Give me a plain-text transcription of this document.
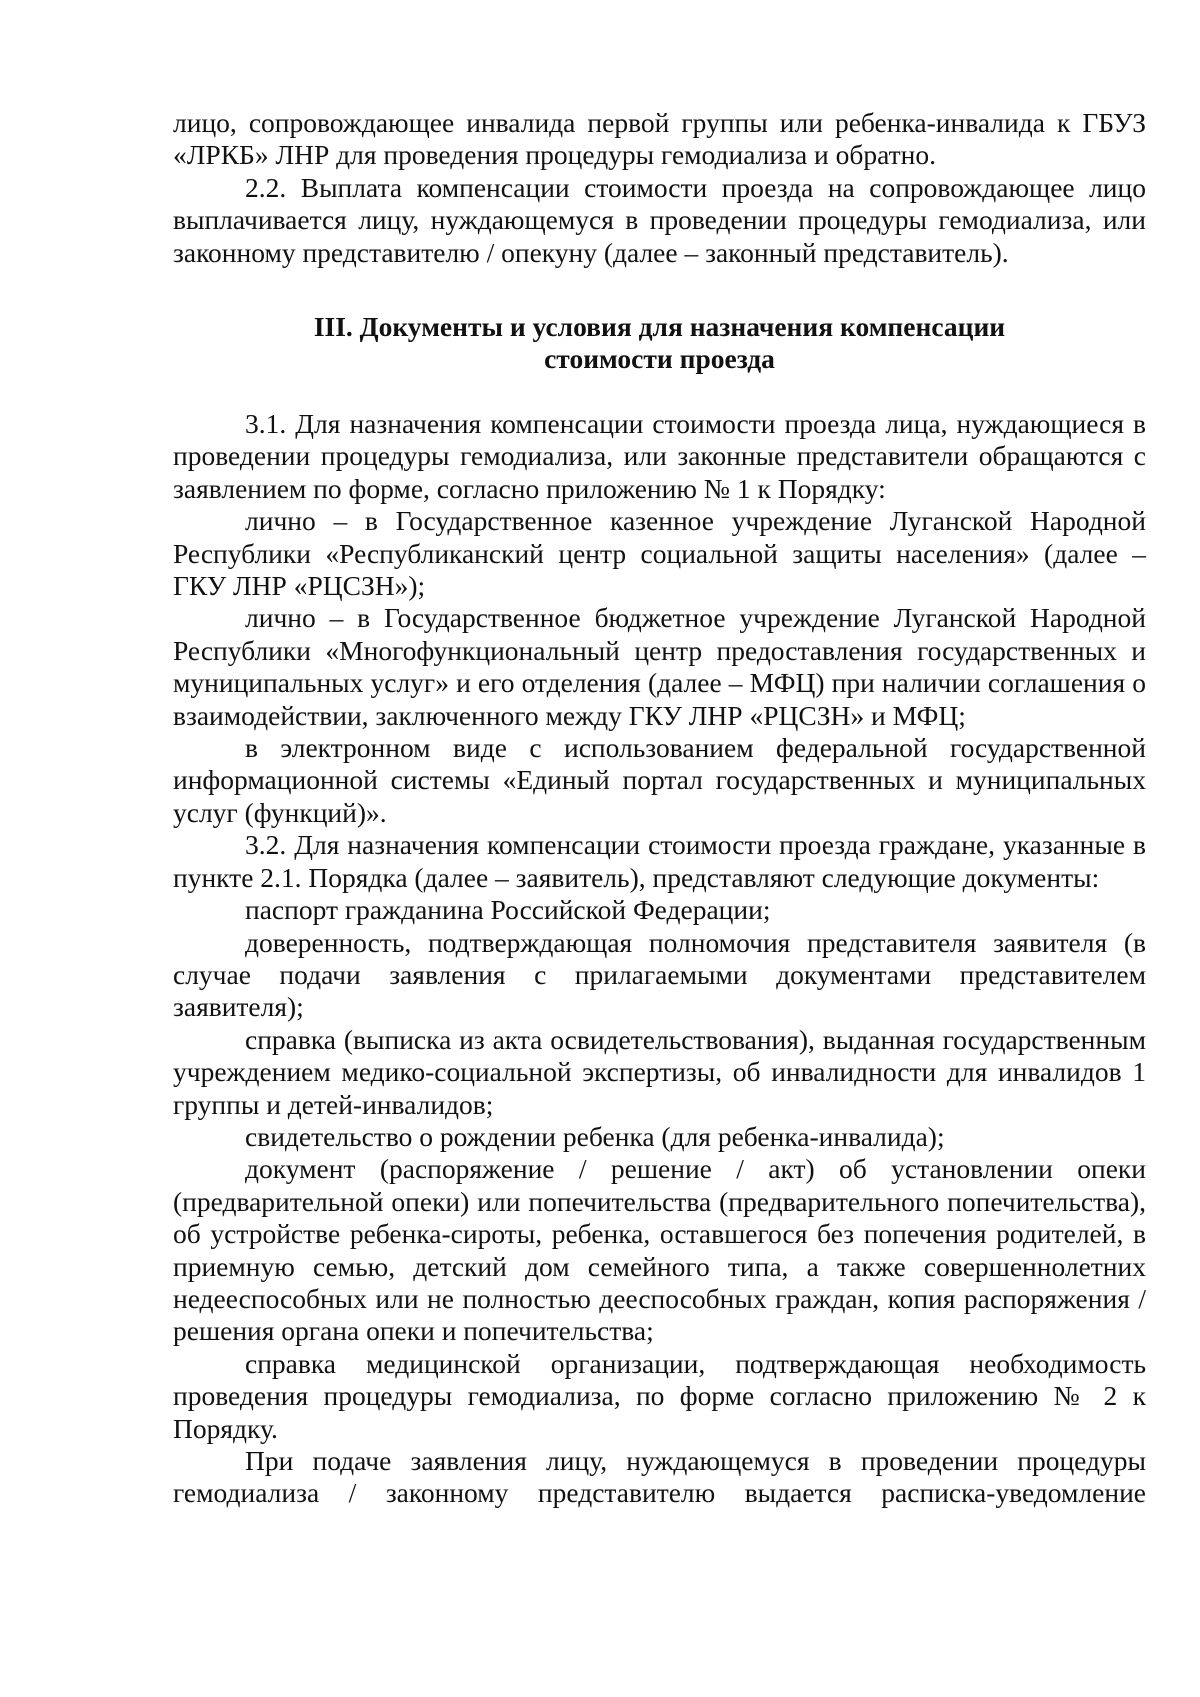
лицо, сопровождающее инвалида первой группы или ребенка-инвалида к ГБУЗ «ЛРКБ» ЛНР для проведения процедуры гемодиализа и обратно.

2.2. Выплата компенсации стоимости проезда на сопровождающее лицо выплачивается лицу, нуждающемуся в проведении процедуры гемодиализа, или законному представителю / опекуну (далее – законный представитель).

III. Документы и условия для назначения компенсации
стоимости проезда

3.1. Для назначения компенсации стоимости проезда лица, нуждающиеся в проведении процедуры гемодиализа, или законные представители обращаются с заявлением по форме, согласно приложению № 1 к Порядку:

лично – в Государственное казенное учреждение Луганской Народной Республики «Республиканский центр социальной защиты населения» (далее – ГКУ ЛНР «РЦСЗН»);

лично – в Государственное бюджетное учреждение Луганской Народной Республики «Многофункциональный центр предоставления государственных и муниципальных услуг» и его отделения (далее – МФЦ) при наличии соглашения о взаимодействии, заключенного между ГКУ ЛНР «РЦСЗН» и МФЦ;

в электронном виде с использованием федеральной государственной информационной системы «Единый портал государственных и муниципальных услуг (функций)».

3.2. Для назначения компенсации стоимости проезда граждане, указанные в пункте 2.1. Порядка (далее – заявитель), представляют следующие документы:

паспорт гражданина Российской Федерации;

доверенность, подтверждающая полномочия представителя заявителя (в случае подачи заявления с прилагаемыми документами представителем заявителя);

справка (выписка из акта освидетельствования), выданная государственным учреждением медико-социальной экспертизы, об инвалидности для инвалидов 1 группы и детей-инвалидов;

свидетельство о рождении ребенка (для ребенка-инвалида);

документ (распоряжение / решение / акт) об установлении опеки (предварительной опеки) или попечительства (предварительного попечительства), об устройстве ребенка-сироты, ребенка, оставшегося без попечения родителей, в приемную семью, детский дом семейного типа, а также совершеннолетних недееспособных или не полностью дееспособных граждан, копия распоряжения / решения органа опеки и попечительства;

справка медицинской организации, подтверждающая необходимость проведения процедуры гемодиализа, по форме согласно приложению № 2 к Порядку.

При подаче заявления лицу, нуждающемуся в проведении процедуры гемодиализа / законному представителю выдается расписка-уведомление
